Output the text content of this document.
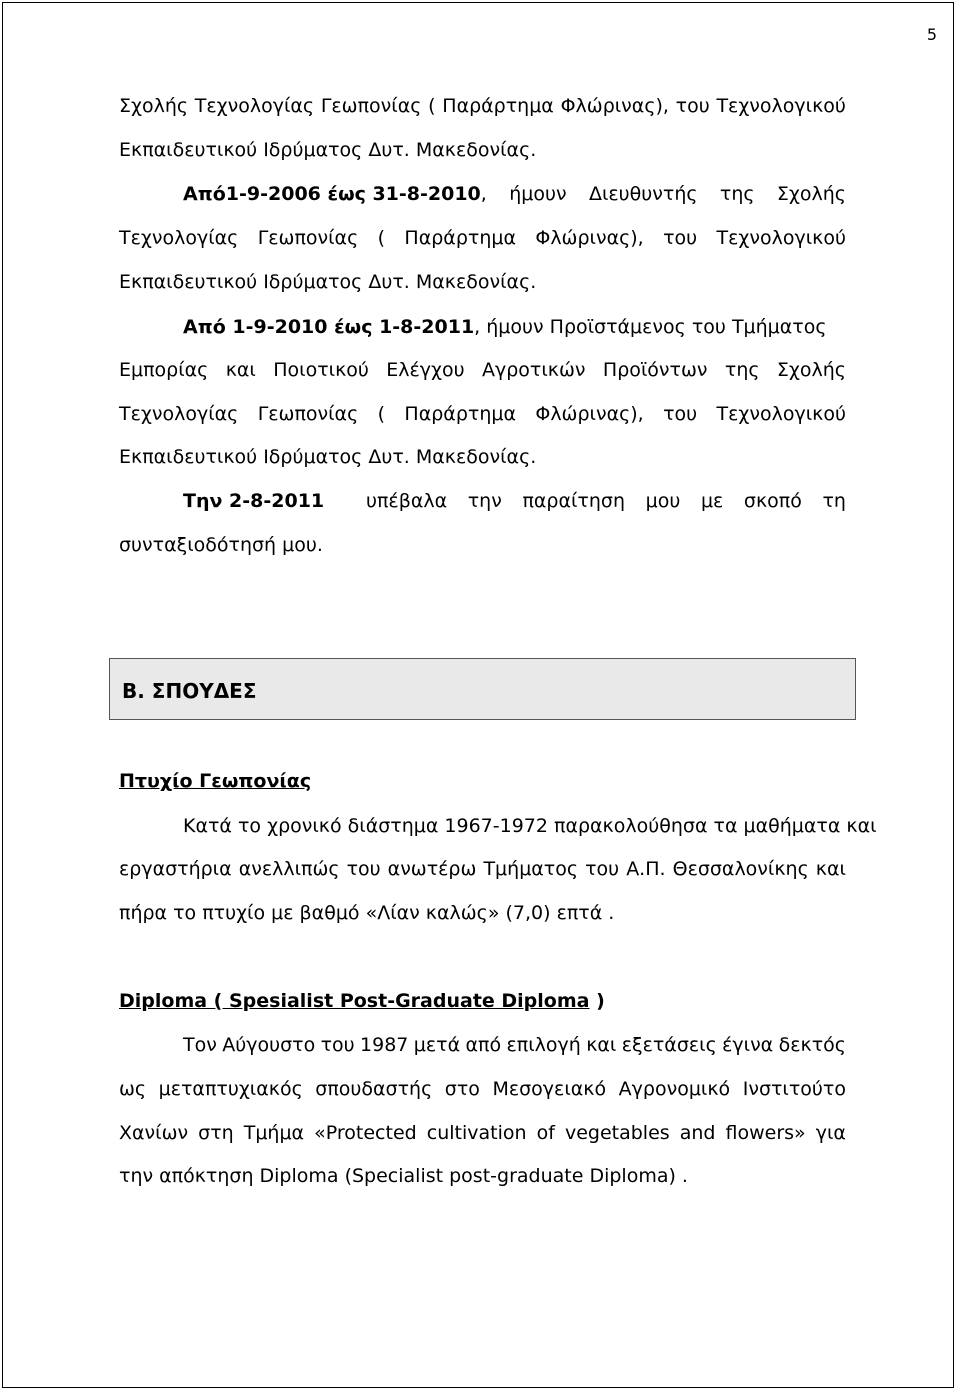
5
Σχολής Τεχνολογίας Γεωπονίας ( Παράρτημα Φλώρινας), του Τεχνολογικού
Εκπαιδευτικού Ιδρύματος Δυτ. Μακεδονίας.
Από1-9-2006 έως 31-8-2010 , ήμουν Διευθυντής της Σχολής
Τεχνολογίας Γεωπονίας ( Παράρτημα Φλώρινας), του Τεχνολογικού
Εκπαιδευτικού Ιδρύματος Δυτ. Μακεδονίας.
Από 1-9-2010 έως 1-8-2011, ήμουν Προϊστάμενος του Τμήματος
Εμπορίας και Ποιοτικού Ελέγχου Αγροτικών Προϊόντων της Σχολής
Τεχνολογίας Γεωπονίας ( Παράρτημα Φλώρινας), του Τεχνολογικού
Εκπαιδευτικού Ιδρύματος Δυτ. Μακεδονίας.
Την 2-8-2011 υπέβαλα την παραίτηση μου με σκοπό τη
συνταξιοδότησή μου.
Β. ΣΠΟΥΔΕΣ
Πτυχίο Γεωπονίας
Κατά το χρονικό διάστημα 1967-1972 παρακολούθησα τα μαθήματα και
εργαστήρια ανελλιπώς του ανωτέρω Τμήματος του Α.Π. Θεσσαλονίκης και
πήρα το πτυχίο με βαθμό «Λίαν καλώς» (7,0) επτά .
Diploma ( Spesialist Post-Graduate Diploma )
Τον Αύγουστο του 1987 μετά από επιλογή και εξετάσεις έγινα δεκτός
ως μεταπτυχιακός σπουδαστής στο Μεσογειακό Αγρονομικό Ινστιτούτο
Χανίων στη Τμήμα «Protected cultivation of vegetables and flowers» για
την απόκτηση Diploma (Specialist post-graduate Diploma) .
